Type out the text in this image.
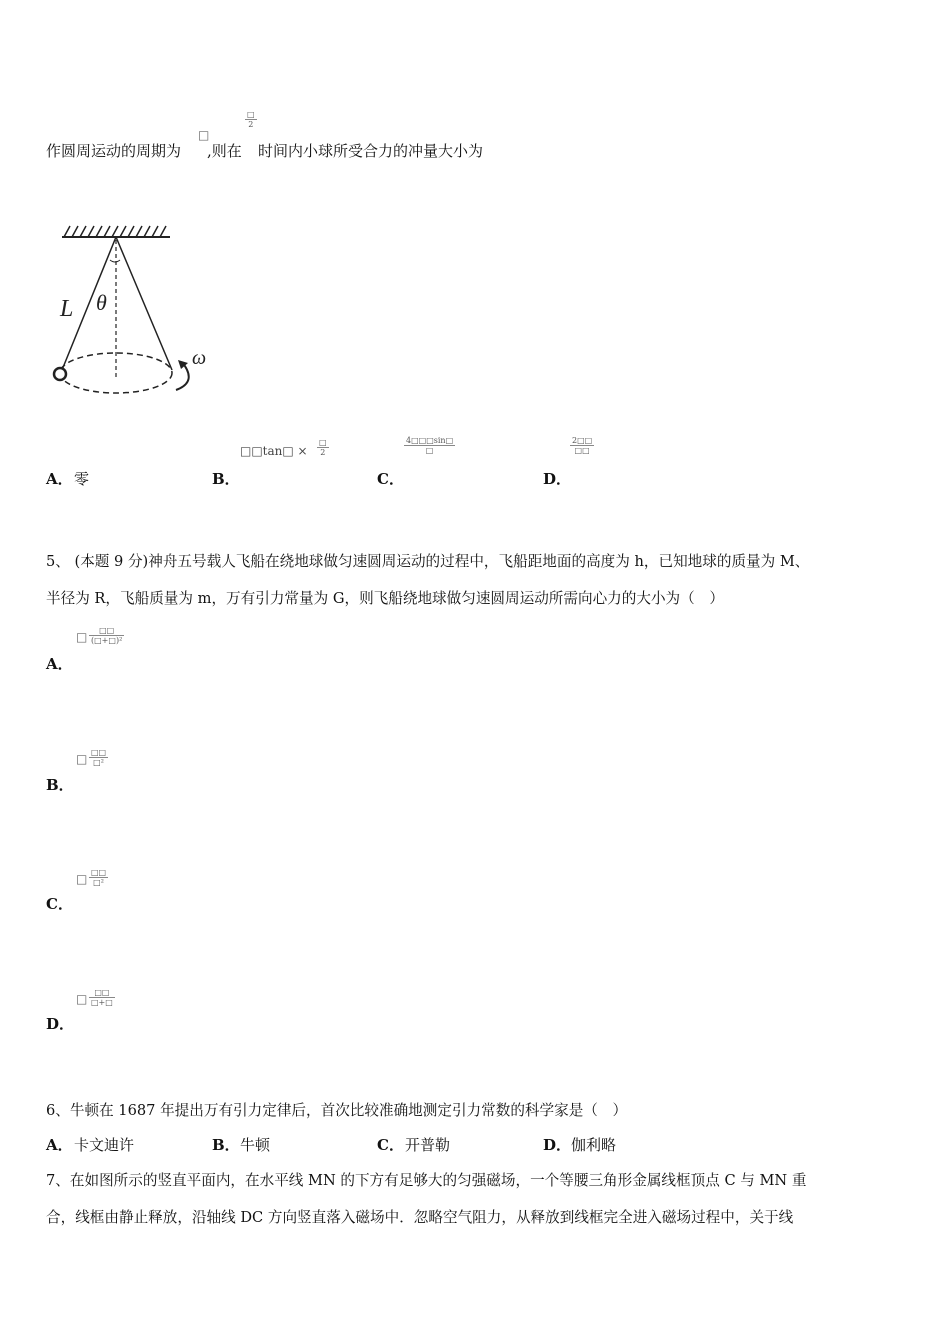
作圆周运动的周期为
□
,则在
□
2
时间内小球所受合力的冲量大小为
L θ
ω
A． 零	B．
□□tan□ ×
□
2
C．
4□□□sin□
□
D．
2□□
□□
5、 (本题 9 分)神舟五号载人飞船在绕地球做匀速圆周运动的过程中，飞船距地面的高度为 h，已知地球的质量为 M、
半径为 R，飞船质量为 m，万有引力常量为 G，则飞船绕地球做匀速圆周运动所需向心力的大小为（　）
A．
□ □□
(□+□)²
B．
□ □□
□²
C．
□ □□
□²
D．
□ □□
□+□
6、牛顿在 1687 年提出万有引力定律后，首次比较准确地测定引力常数的科学家是（　）
A． 卡文迪许	B． 牛顿	C． 开普勒	D． 伽利略
7、在如图所示的竖直平面内，在水平线 MN 的下方有足够大的匀强磁场，一个等腰三角形金属线框顶点 C 与 MN 重
合，线框由静止释放，沿轴线 DC 方向竖直落入磁场中．忽略空气阻力，从释放到线框完全进入磁场过程中，关于线
